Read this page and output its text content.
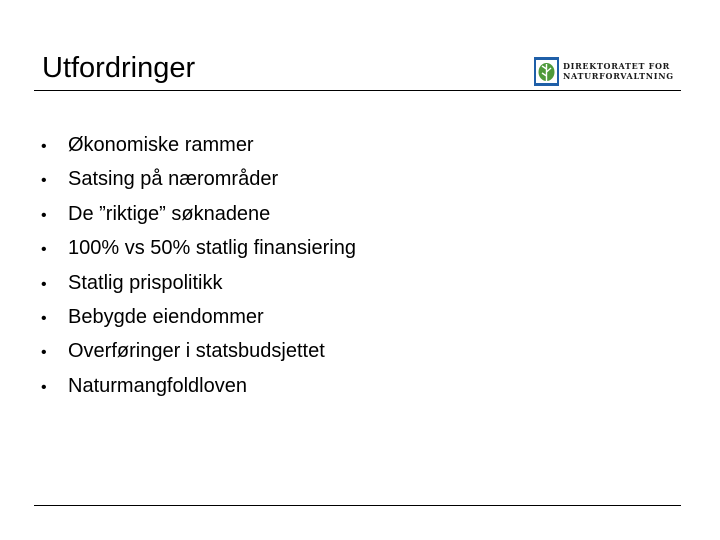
Utfordringer	DIREKTORATET FOR
NATURFORVALTNING
•	Økonomiske rammer
•	Satsing på nærområder
•	De ”riktige” søknadene
•	100% vs 50% statlig finansiering
•	Statlig prispolitikk
•	Bebygde eiendommer
•	Overføringer i statsbudsjettet
•	Naturmangfoldloven
